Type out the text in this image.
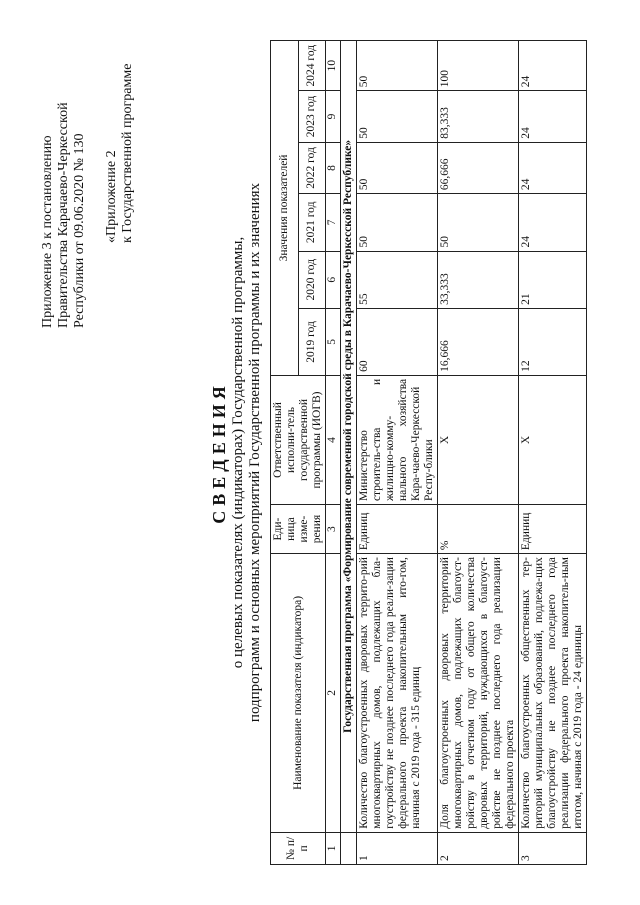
Приложение 3 к постановлению Правительства Карачаево-Черкесской Республики от 09.06.2020 № 130 «Приложение 2 к Государственной программе
СВЕДЕНИЯ о целевых показателях (индикаторах) Государственной программы, подпрограмм и основных мероприятий Государственной программы и их значениях
№ п/п	Наименование показателя (индикатора)	Еди-ница изме-рения	Ответственный исполни-тель государственной программы (ИОГВ)	Значения показателей					
				2019 год	2020 год	2021 год	2022 год	2023 год	2024 год
1	2	3	4	5	6	7	8	9	10
	Государственная программа «Формирование современной городской среды в Карачаево-Черкесской Республике»								
1	Количество благоустроенных дворовых террито-рий многоквартирных домов, подлежащих бла-гоустройству не позднее последнего года реали-зации федерального проекта накопительным ито-гом, начиная с 2019 года - 315 единиц	Единиц	Министерство строитель-ства и жилищно-комму-нального хозяйства Кара-чаево-Черкесской Респу-блики	60	55	50	50	50	50
2	Доля благоустроенных дворовых территорий многоквартирных домов, подлежащих благоуст-ройству в отчетном году от общего количества дворовых территорий, нуждающихся в благоуст-ройстве не позднее последнего года реализации федерального проекта	%	Х	16,666	33,333	50	66,666	83,333	100
3	Количество благоустроенных общественных тер-риторий муниципальных образований, подлежа-щих благоустройству не позднее последнего года реализации федерального проекта накопитель-ным итогом, начиная с 2019 года - 24 единицы	Единиц	Х	12	21	24	24	24	24
